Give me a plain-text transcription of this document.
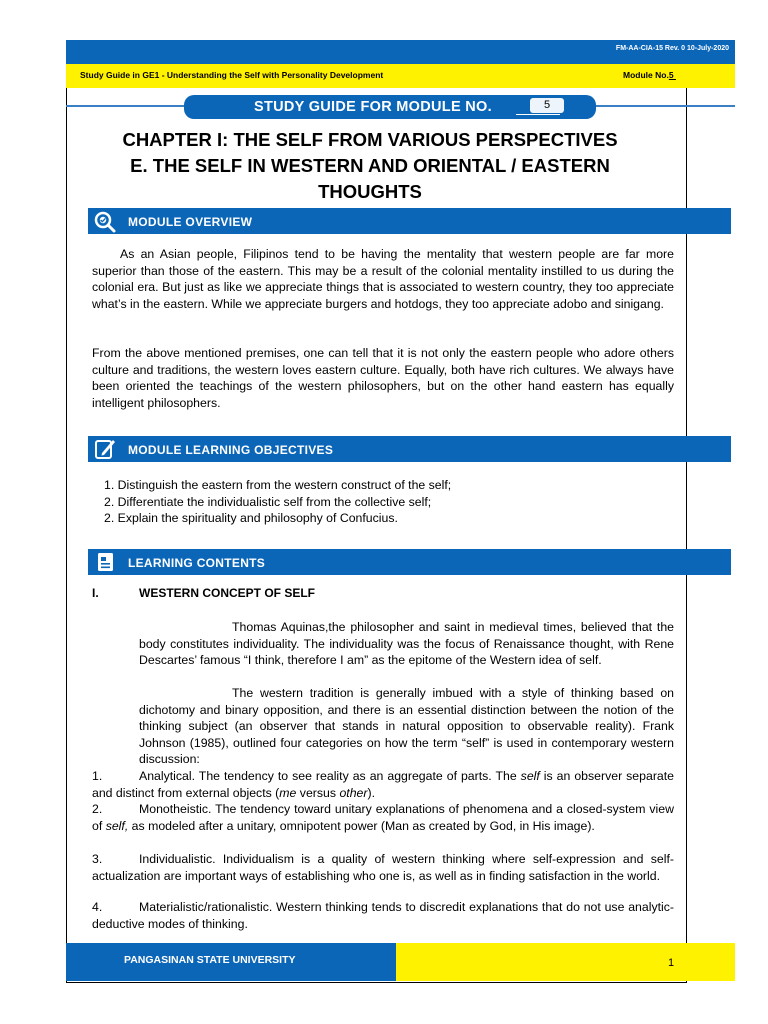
FM-AA-CIA-15 Rev. 0 10-July-2020
Study Guide in GE1 - Understanding the Self with Personality Development	Module No.5
STUDY GUIDE FOR MODULE NO.	5
CHAPTER I: THE SELF FROM VARIOUS PERSPECTIVES
E. THE SELF IN WESTERN AND ORIENTAL / EASTERN
THOUGHTS
MODULE OVERVIEW
As an Asian people, Filipinos tend to be having the mentality that western people are far more superior than those of the eastern. This may be a result of the colonial mentality instilled to us during the colonial era. But just as like we appreciate things that is associated to western country, they too appreciate what’s in the eastern. While we appreciate burgers and hotdogs, they too appreciate adobo and sinigang.
From the above mentioned premises, one can tell that it is not only the eastern people who adore others culture and traditions, the western loves eastern culture. Equally, both have rich cultures. We always have been oriented the teachings of the western philosophers, but on the other hand eastern has equally intelligent philosophers.
MODULE LEARNING OBJECTIVES
1. Distinguish the eastern from the western construct of the self;
2. Differentiate the individualistic self from the collective self;
2. Explain the spirituality and philosophy of Confucius.
LEARNING CONTENTS
I.	WESTERN CONCEPT OF SELF
Thomas Aquinas,the philosopher and saint in medieval times, believed that the body constitutes individuality. The individuality was the focus of Renaissance thought, with Rene Descartes’ famous “I think, therefore I am” as the epitome of the Western idea of self.
The western tradition is generally imbued with a style of thinking based on dichotomy and binary opposition, and there is an essential distinction between the notion of the thinking subject (an observer that stands in natural opposition to observable reality). Frank Johnson (1985), outlined four categories on how the term “self” is used in contemporary western discussion:
1.	Analytical. The tendency to see reality as an aggregate of parts. The self is an observer separate and distinct from external objects (me versus other).
2.	Monotheistic. The tendency toward unitary explanations of phenomena and a closed-system view of self, as modeled after a unitary, omnipotent power (Man as created by God, in His image).
3.	Individualistic. Individualism is a quality of western thinking where self-expression and self-actualization are important ways of establishing who one is, as well as in finding satisfaction in the world.
4.	Materialistic/rationalistic. Western thinking tends to discredit explanations that do not use analytic-deductive modes of thinking.
PANGASINAN STATE UNIVERSITY	1
